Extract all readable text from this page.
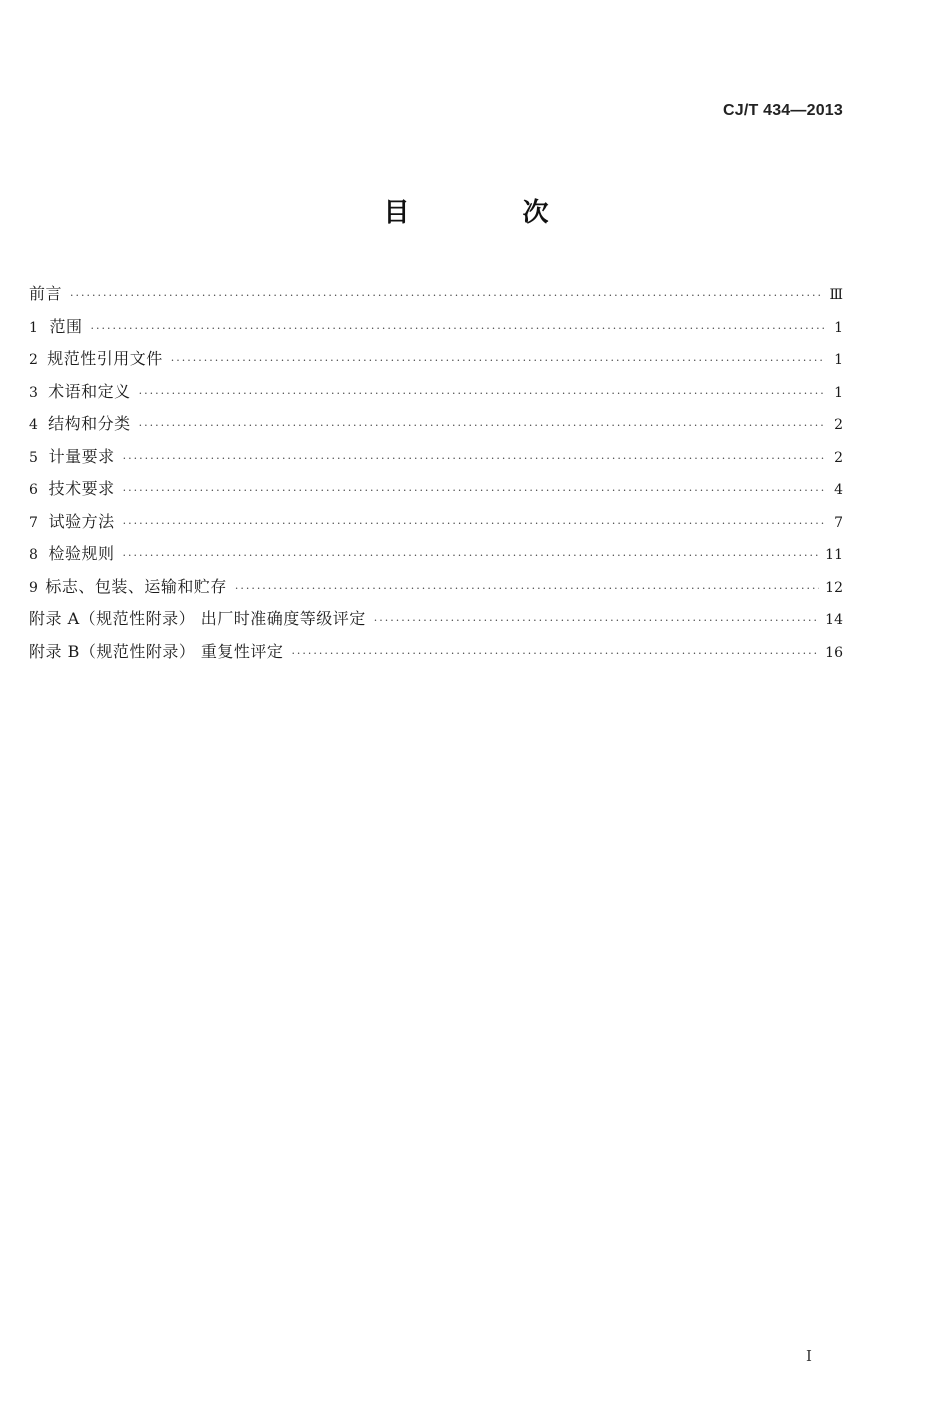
CJ/T 434—2013
目 次
前言 ·····	Ⅲ
1 范围 ·····	1
2 规范性引用文件 ·····	1
3 术语和定义 ·····	1
4 结构和分类 ·····	2
5 计量要求 ·····	2
6 技术要求 ·····	4
7 试验方法 ·····	7
8 检验规则 ·····	11
9 标志、包装、运输和贮存 ·····	12
附录 A（规范性附录） 出厂时准确度等级评定 ·····	14
附录 B（规范性附录） 重复性评定 ·····	16
Ⅰ
